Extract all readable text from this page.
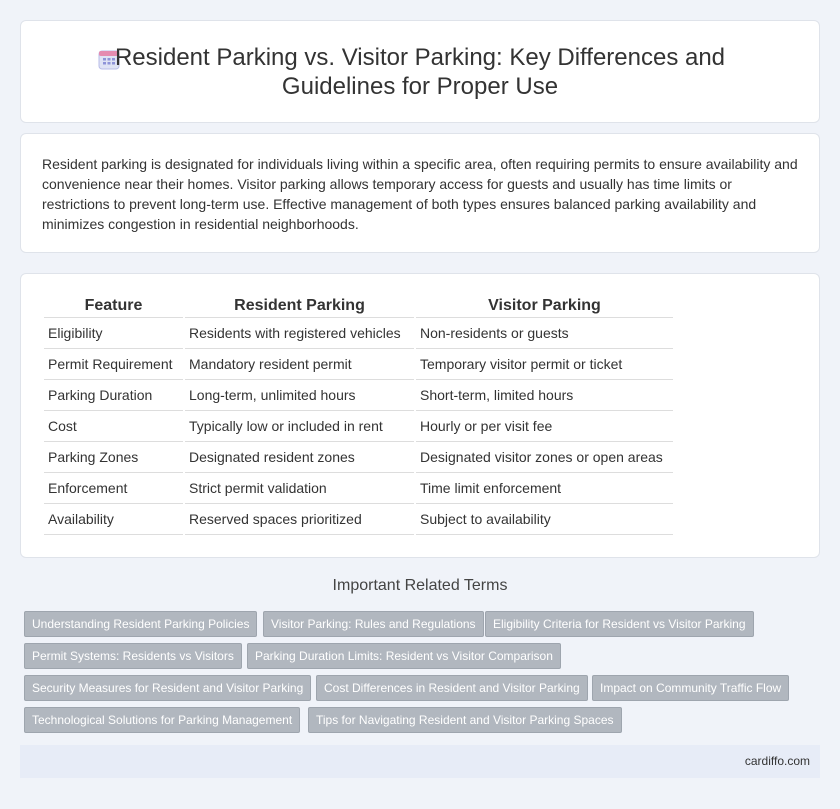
Resident Parking vs. Visitor Parking: Key Differences and Guidelines for Proper Use

Resident parking is designated for individuals living within a specific area, often requiring permits to ensure availability and convenience near their homes. Visitor parking allows temporary access for guests and usually has time limits or restrictions to prevent long-term use. Effective management of both types ensures balanced parking availability and minimizes congestion in residential neighborhoods.

Feature	Resident Parking	Visitor Parking
Eligibility	Residents with registered vehicles	Non-residents or guests
Permit Requirement	Mandatory resident permit	Temporary visitor permit or ticket
Parking Duration	Long-term, unlimited hours	Short-term, limited hours
Cost	Typically low or included in rent	Hourly or per visit fee
Parking Zones	Designated resident zones	Designated visitor zones or open areas
Enforcement	Strict permit validation	Time limit enforcement
Availability	Reserved spaces prioritized	Subject to availability
Important Related Terms
Understanding Resident Parking Policies	Visitor Parking: Rules and Regulations	Eligibility Criteria for Resident vs Visitor Parking
Permit Systems: Residents vs Visitors	Parking Duration Limits: Resident vs Visitor Comparison
Security Measures for Resident and Visitor Parking	Cost Differences in Resident and Visitor Parking	Impact on Community Traffic Flow
Technological Solutions for Parking Management	Tips for Navigating Resident and Visitor Parking Spaces
cardiffo.com
